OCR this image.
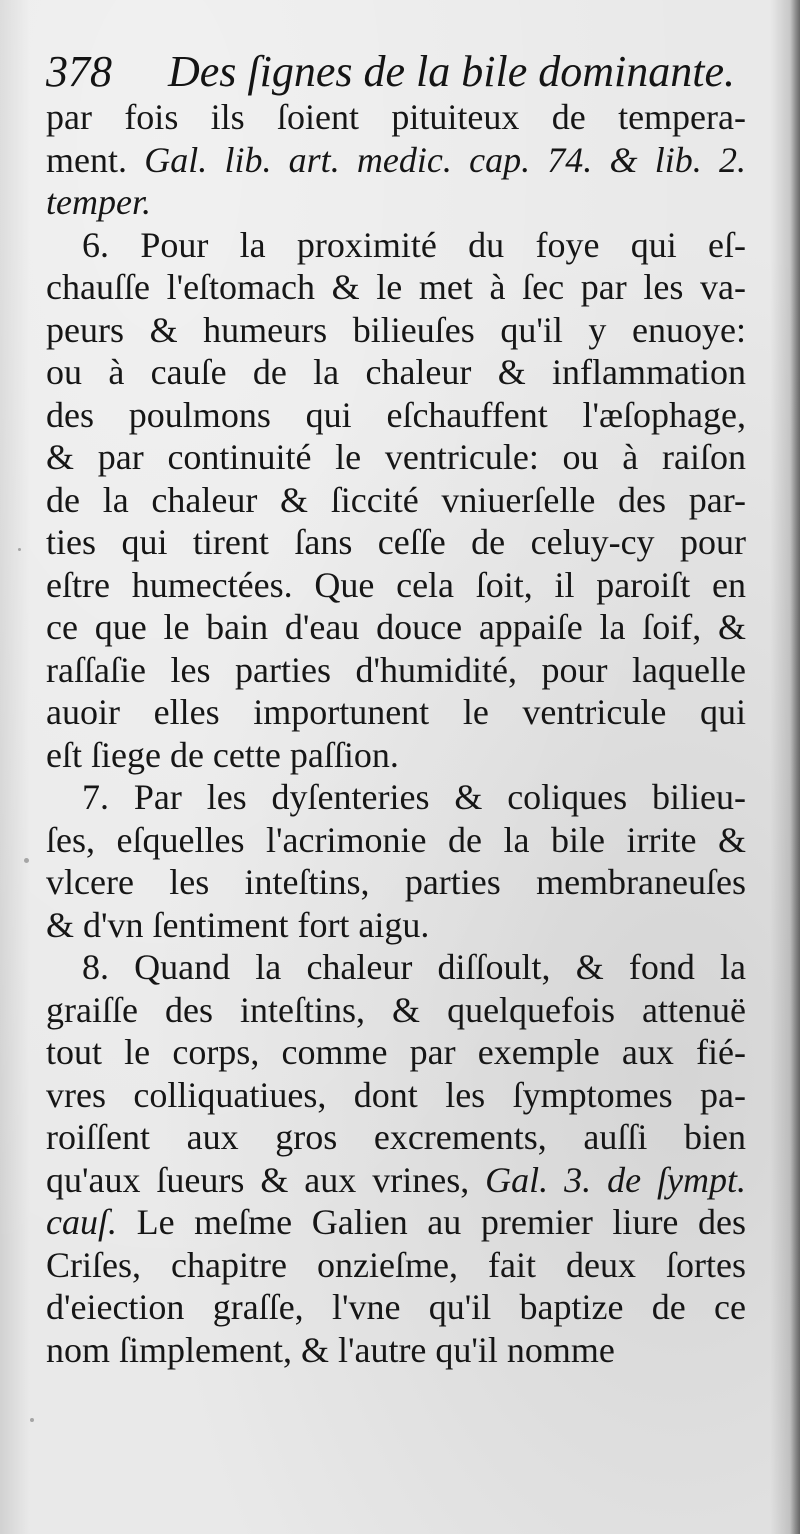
378 Des ſignes de la bile dominante.
par fois ils ſoient pituiteux de tempera-
ment. Gal. lib. art. medic. cap. 74. & lib. 2.
temper.
6. Pour la proximité du foye qui eſ-
chauſſe l'eſtomach & le met à ſec par les va-
peurs & humeurs bilieuſes qu'il y enuoye:
ou à cauſe de la chaleur & inflammation
des poulmons qui eſchauffent l'æſophage,
& par continuité le ventricule: ou à raiſon
de la chaleur & ſiccité vniuerſelle des par-
ties qui tirent ſans ceſſe de celuy-cy pour
eſtre humectées. Que cela ſoit, il paroiſt en
ce que le bain d'eau douce appaiſe la ſoif, &
raſſaſie les parties d'humidité, pour laquelle
auoir elles importunent le ventricule qui
eſt ſiege de cette paſſion.
7. Par les dyſenteries & coliques bilieu-
ſes, eſquelles l'acrimonie de la bile irrite &
vlcere les inteſtins, parties membraneuſes
& d'vn ſentiment fort aigu.
8. Quand la chaleur diſſoult, & fond la
graiſſe des inteſtins, & quelquefois attenuë
tout le corps, comme par exemple aux fié-
vres colliquatiues, dont les ſymptomes pa-
roiſſent aux gros excrements, auſſi bien
qu'aux ſueurs & aux vrines, Gal. 3. de ſympt.
cauſ. Le meſme Galien au premier liure des
Criſes, chapitre onzieſme, fait deux ſortes
d'eiection graſſe, l'vne qu'il baptize de ce
nom ſimplement, & l'autre qu'il nomme
